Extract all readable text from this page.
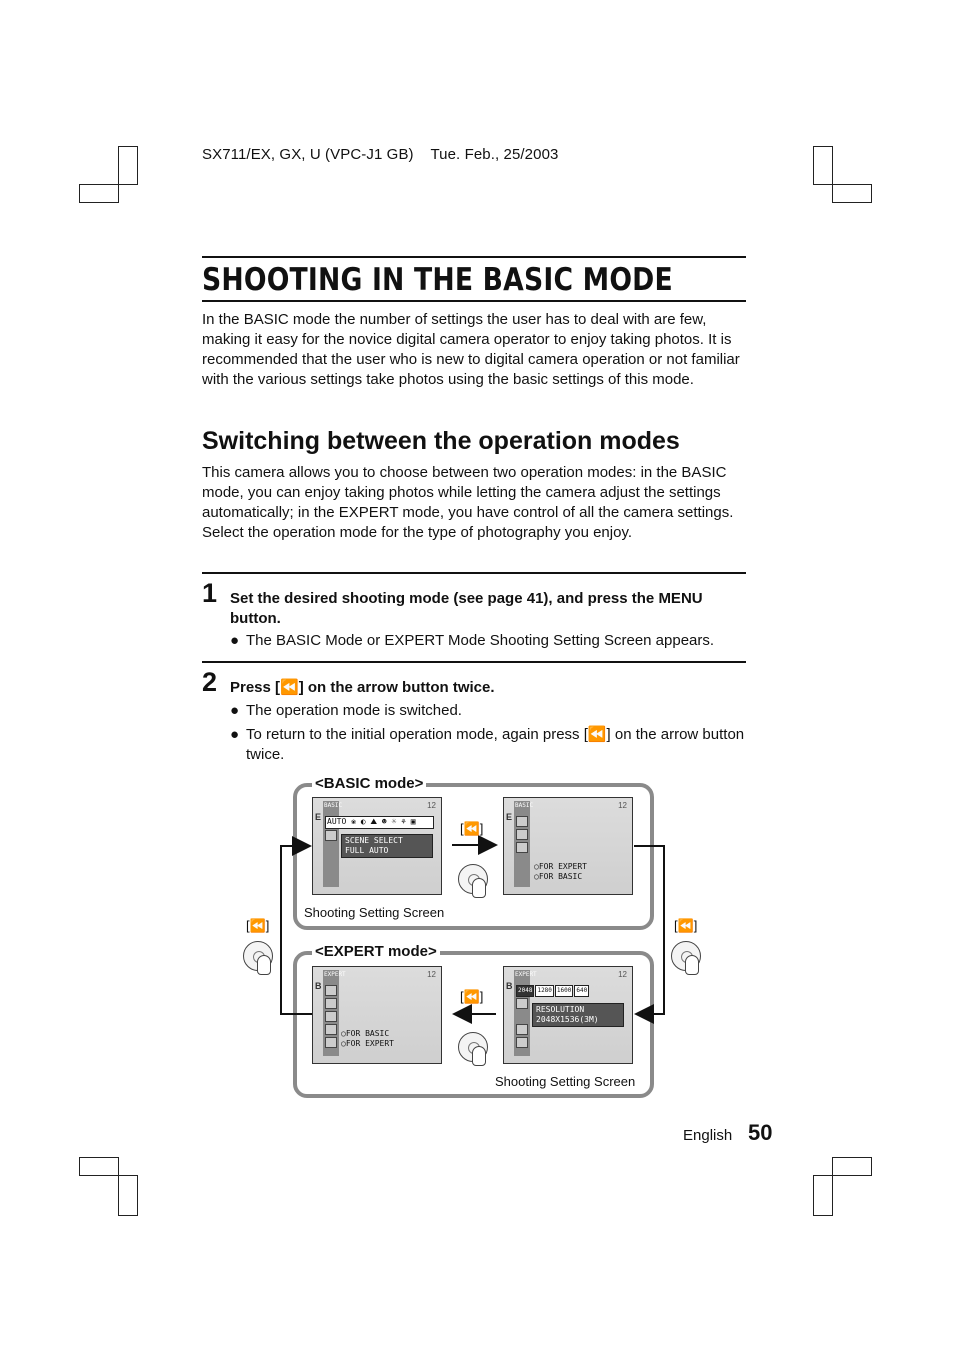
SX711/EX, GX, U (VPC-J1 GB)    Tue. Feb., 25/2003
SHOOTING IN THE BASIC MODE
In the BASIC mode the number of settings the user has to deal with are few, making it easy for the novice digital camera operator to enjoy taking photos. It is recommended that the user who is new to digital camera operation or not familiar with the various settings take photos using the basic settings of this mode.
Switching between the operation modes
This camera allows you to choose between two operation modes: in the BASIC mode, you can enjoy taking photos while letting the camera adjust the settings automatically; in the EXPERT mode, you have control of all the camera settings. Select the operation mode for the type of photography you enjoy.
1 Set the desired shooting mode (see page 41), and press the MENU button.
● The BASIC Mode or EXPERT Mode Shooting Setting Screen appears.
2 Press [⏪] on the arrow button twice.
● The operation mode is switched.
● To return to the initial operation mode, again press [⏪] on the arrow button twice.
<BASIC mode>
<EXPERT mode>
BASIC
E
12
AUTO ❀ ◐ ⛰ ☻ ☼ ⚘ ▣
SCENE SELECT
FULL AUTO
BASIC
E
12
○FOR EXPERT
○FOR BASIC
EXPERT
B
12
○FOR BASIC
○FOR EXPERT
EXPERT
B
12
2048 1280 1600 640
RESOLUTION
2048X1536(3M)
Shooting Setting Screen
Shooting Setting Screen
[⏪]
[⏪]
[⏪]	[⏪]
English 50
